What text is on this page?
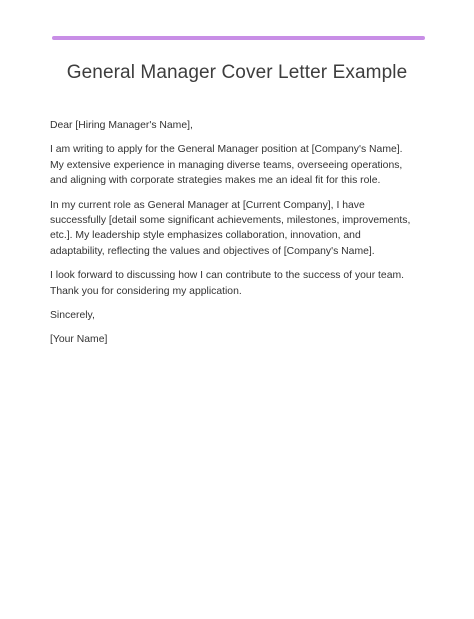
General Manager Cover Letter Example

Dear [Hiring Manager's Name],

I am writing to apply for the General Manager position at [Company's Name]. My extensive experience in managing diverse teams, overseeing operations, and aligning with corporate strategies makes me an ideal fit for this role.

In my current role as General Manager at [Current Company], I have successfully [detail some significant achievements, milestones, improvements, etc.]. My leadership style emphasizes collaboration, innovation, and adaptability, reflecting the values and objectives of [Company's Name].

I look forward to discussing how I can contribute to the success of your team. Thank you for considering my application.

Sincerely,

[Your Name]
